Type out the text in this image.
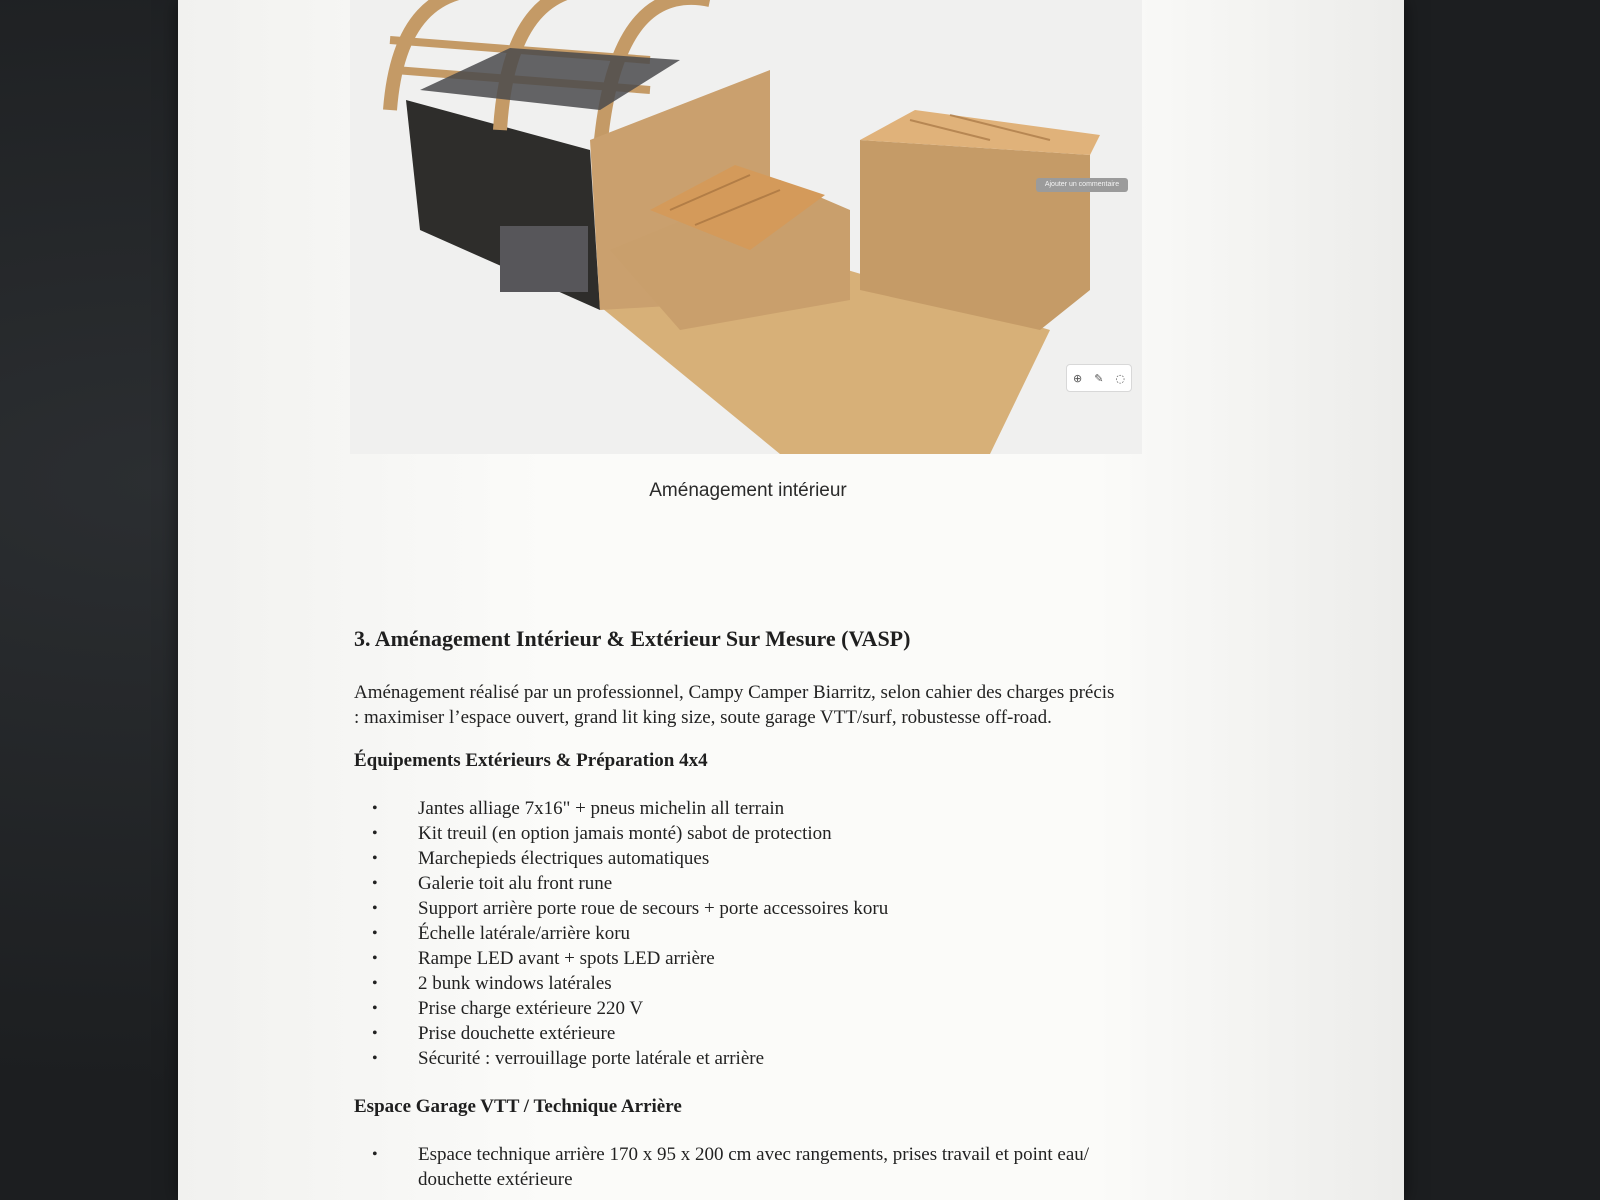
Ajouter un commentaire
⊕ ✎ ◌
Aménagement intérieur
3. Aménagement Intérieur & Extérieur Sur Mesure (VASP)

Aménagement réalisé par un professionnel, Campy Camper Biarritz, selon cahier des charges précis
: maximiser l’espace ouvert, grand lit king size, soute garage VTT/surf, robustesse off-road.

Équipements Extérieurs & Préparation 4x4
• Jantes alliage 7x16" + pneus michelin all terrain
• Kit treuil (en option jamais monté) sabot de protection
• Marchepieds électriques automatiques
• Galerie toit alu front rune
• Support arrière porte roue de secours + porte accessoires koru
• Échelle latérale/arrière koru
• Rampe LED avant + spots LED arrière
• 2 bunk windows latérales
• Prise charge extérieure 220 V
• Prise douchette extérieure
• Sécurité : verrouillage porte latérale et arrière
Espace Garage VTT / Technique Arrière
• Espace technique arrière 170 x 95 x 200 cm avec rangements, prises travail et point eau/
douchette extérieure
